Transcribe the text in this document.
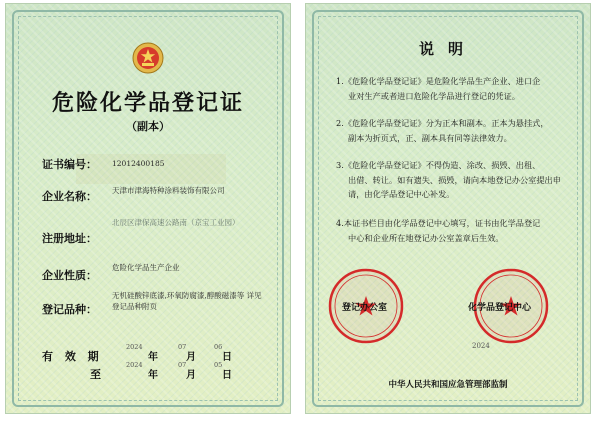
危险化学品登记证
（副本）
证书编号： 12012400185
企业名称： 天津市津海特种涂料装饰有限公司
注册地址：
北辰区津保高速公路南（京宝工业园）
企业性质：
危险化学品生产企业
登记品种：
无机硅酸锌底漆,环氧防腐漆,醇酸磁漆等 详见登记品种附页
有 效 期
2024
年
07
月
06
日
至
2024
年
07
月
05
日
说明
1.《危险化学品登记证》是危险化学品生产企业、进口企
业对生产或者进口危险化学品进行登记的凭证。
2.《危险化学品登记证》分为正本和副本。正本为悬挂式，
副本为折页式，正、副本具有同等法律效力。
3.《危险化学品登记证》不得伪造、涂改、损毁、出租、
出借、转让。如有遗失、损毁，请向本地登记办公室提出申请，由化学品登记中心补发。
4.本证书栏目由化学品登记中心填写，证书由化学品登记
中心和企业所在地登记办公室盖章后生效。
登记办公室	化学品登记中心
2024
中华人民共和国应急管理部监制
